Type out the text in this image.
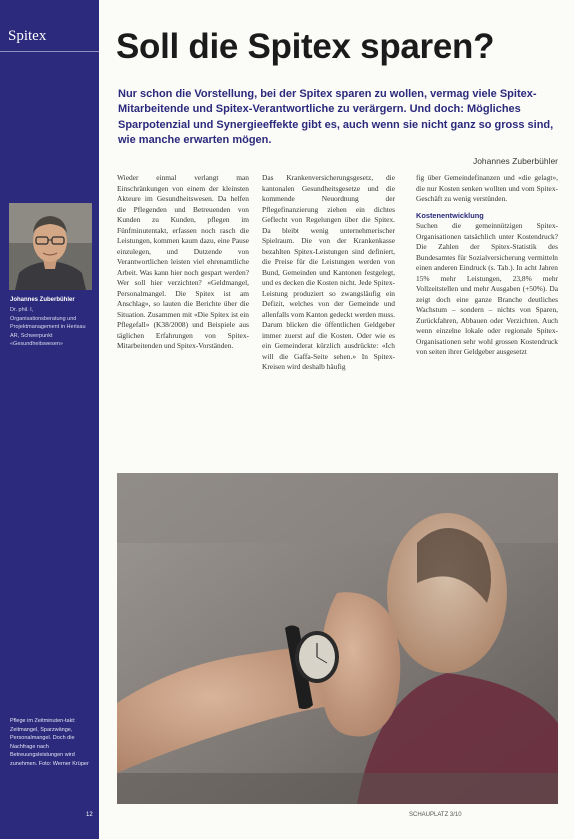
Spitex
Johannes Zuberbühler
Dr. phil. I, Organisationsberatung und Projektmanagement in Herisau AR, Schwerpunkt «Gesundheitswesen»
Pflege im Zeitminuten-takt: Zeitmangel, Sparzwänge, Personalmangel. Doch die Nachfrage nach Betreuungsleistungen wird zunehmen. Foto: Werner Krüper
12
Soll die Spitex sparen?

Nur schon die Vorstellung, bei der Spitex sparen zu wollen, vermag viele Spitex-Mitarbeitende und Spitex-Verantwortliche zu verärgern. Und doch: Mögliches Sparpotenzial und Synergieeffekte gibt es, auch wenn sie nicht ganz so gross sind, wie manche erwarten mögen.

Johannes Zuberbühler

Wieder einmal verlangt man Einschränkungen von einem der kleinsten Akteure im Gesundheitswesen. Da helfen die Pflegenden und Betreuenden von Kunden zu Kunden, pflegen im Fünfminutentakt, erfassen noch rasch die Leistungen, kommen kaum dazu, eine Pause einzulegen, und Dutzende von Verantwortlichen leisten viel ehrenamtliche Arbeit. Was kann hier noch gespart werden? Wer soll hier verzichten? «Geldmangel, Personalmangel. Die Spitex ist am Anschlag», so lauten die Berichte über die Situation. Zusammen mit «Die Spitex ist ein Pflegefall» (K38/2008) und Beispiele aus täglichen Erfahrungen von Spitex-Mitarbeitenden und Spitex-Vorständen.

Das Krankenversicherungsgesetz, die kantonalen Gesundheitsgesetze und die kommende Neuordnung der Pflegefinanzierung ziehen ein dichtes Geflecht von Regelungen über die Spitex. Da bleibt wenig unternehmerischer Spielraum. Die von der Krankenkasse bezahlten Spitex-Leistungen sind definiert, die Preise für die Leistungen werden von Bund, Gemeinden und Kantonen festgelegt, und es decken die Kosten nicht. Jede Spitex-Leistung produziert so zwangsläufig ein Defizit, welches von der Gemeinde und allenfalls vom Kanton gedeckt werden muss. Darum blicken die öffentlichen Geldgeber immer zuerst auf die Kosten. Oder wie es ein Gemeinderat kürzlich ausdrückte: «Ich will die Gaffa-Seite sehen.» In Spitex-Kreisen wird deshalb häufig

fig über Gemeindefinanzen und «die gelagt», die nur Kosten senken wollten und vom Spitex-Geschäft zu wenig verstünden.

Kostenentwicklung

Suchen die gemeinnützigen Spitex-Organisationen tatsächlich unter Kostendruck? Die Zahlen der Spitex-Statistik des Bundesamtes für Sozialversicherung vermitteln einen anderen Eindruck (s. Tab.). In acht Jahren 15% mehr Leistungen, 23,8% mehr Vollzeitstellen und mehr Ausgaben (+50%). Da zeigt doch eine ganze Branche deutliches Wachstum – sondern – nichts von Sparen, Zurückfahren, Abbauen oder Verzichten. Auch wenn einzelne lokale oder regionale Spitex-Organisationen sehr wohl grossen Kostendruck von seiten ihrer Geldgeber ausgesetzt

SCHAUPLATZ 3/10
